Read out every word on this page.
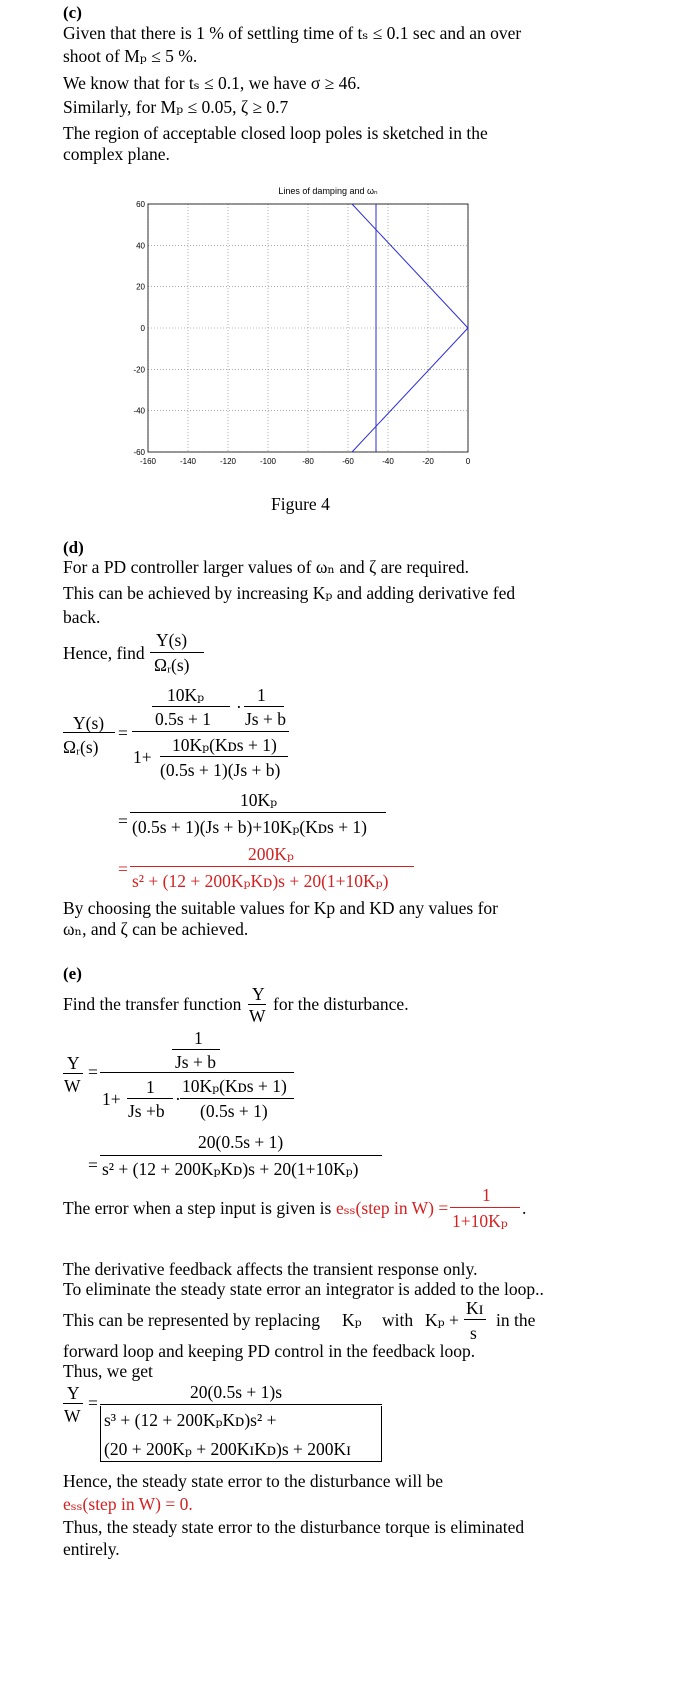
(c)
Given that there is 1 % of settling time of tₛ ≤ 0.1 sec and an over
shoot of Mₚ ≤ 5 %.
We know that for tₛ ≤ 0.1, we have σ ≥ 46.
Similarly, for Mₚ ≤ 0.05, ζ ≥ 0.7
The region of acceptable closed loop poles is sketched in the
complex plane.
Lines of damping and ωₙ
-160	-140	-120	-100	-80	-60	-40	-20	0
60
40
20
0
-20
-40
-60
Figure 4
(d)
For a PD controller larger values of ωₙ and ζ are required.
This can be achieved by increasing Kₚ and adding derivative fed
back.
Hence, find
Y(s)
Ωᵣ(s)
Y(s)
Ωᵣ(s)
=
10Kₚ
0.5s + 1
·
1
Js + b
1+
10Kₚ(Kᴅs + 1)
(0.5s + 1)(Js + b)
=
10Kₚ
(0.5s + 1)(Js + b)+10Kₚ(Kᴅs + 1)
=
200Kₚ
s² + (12 + 200KₚKᴅ)s + 20(1+10Kₚ)
By choosing the suitable values for Kp and KD any values for
ωₙ, and ζ can be achieved.
(e)
Find the transfer function Y
W
for the disturbance.
Y
W
=
1
Js + b
1+
1
Js +b
·
10Kₚ(Kᴅs + 1)
(0.5s + 1)
=
20(0.5s + 1)
s² + (12 + 200KₚKᴅ)s + 20(1+10Kₚ)
The error when a step input is given is eₛₛ(step in W) =
1
1+10Kₚ
.
The derivative feedback affects the transient response only.
To eliminate the steady state error an integrator is added to the loop..
This can be represented by replacing Kₚ with Kₚ +
Kɪ
s
in the
forward loop and keeping PD control in the feedback loop.
Thus, we get
Y
W
=
20(0.5s + 1)s
s³ + (12 + 200KₚKᴅ)s² +
(20 + 200Kₚ + 200KɪKᴅ)s + 200Kɪ
Hence, the steady state error to the disturbance will be
eₛₛ(step in W) = 0.
Thus, the steady state error to the disturbance torque is eliminated
entirely.
